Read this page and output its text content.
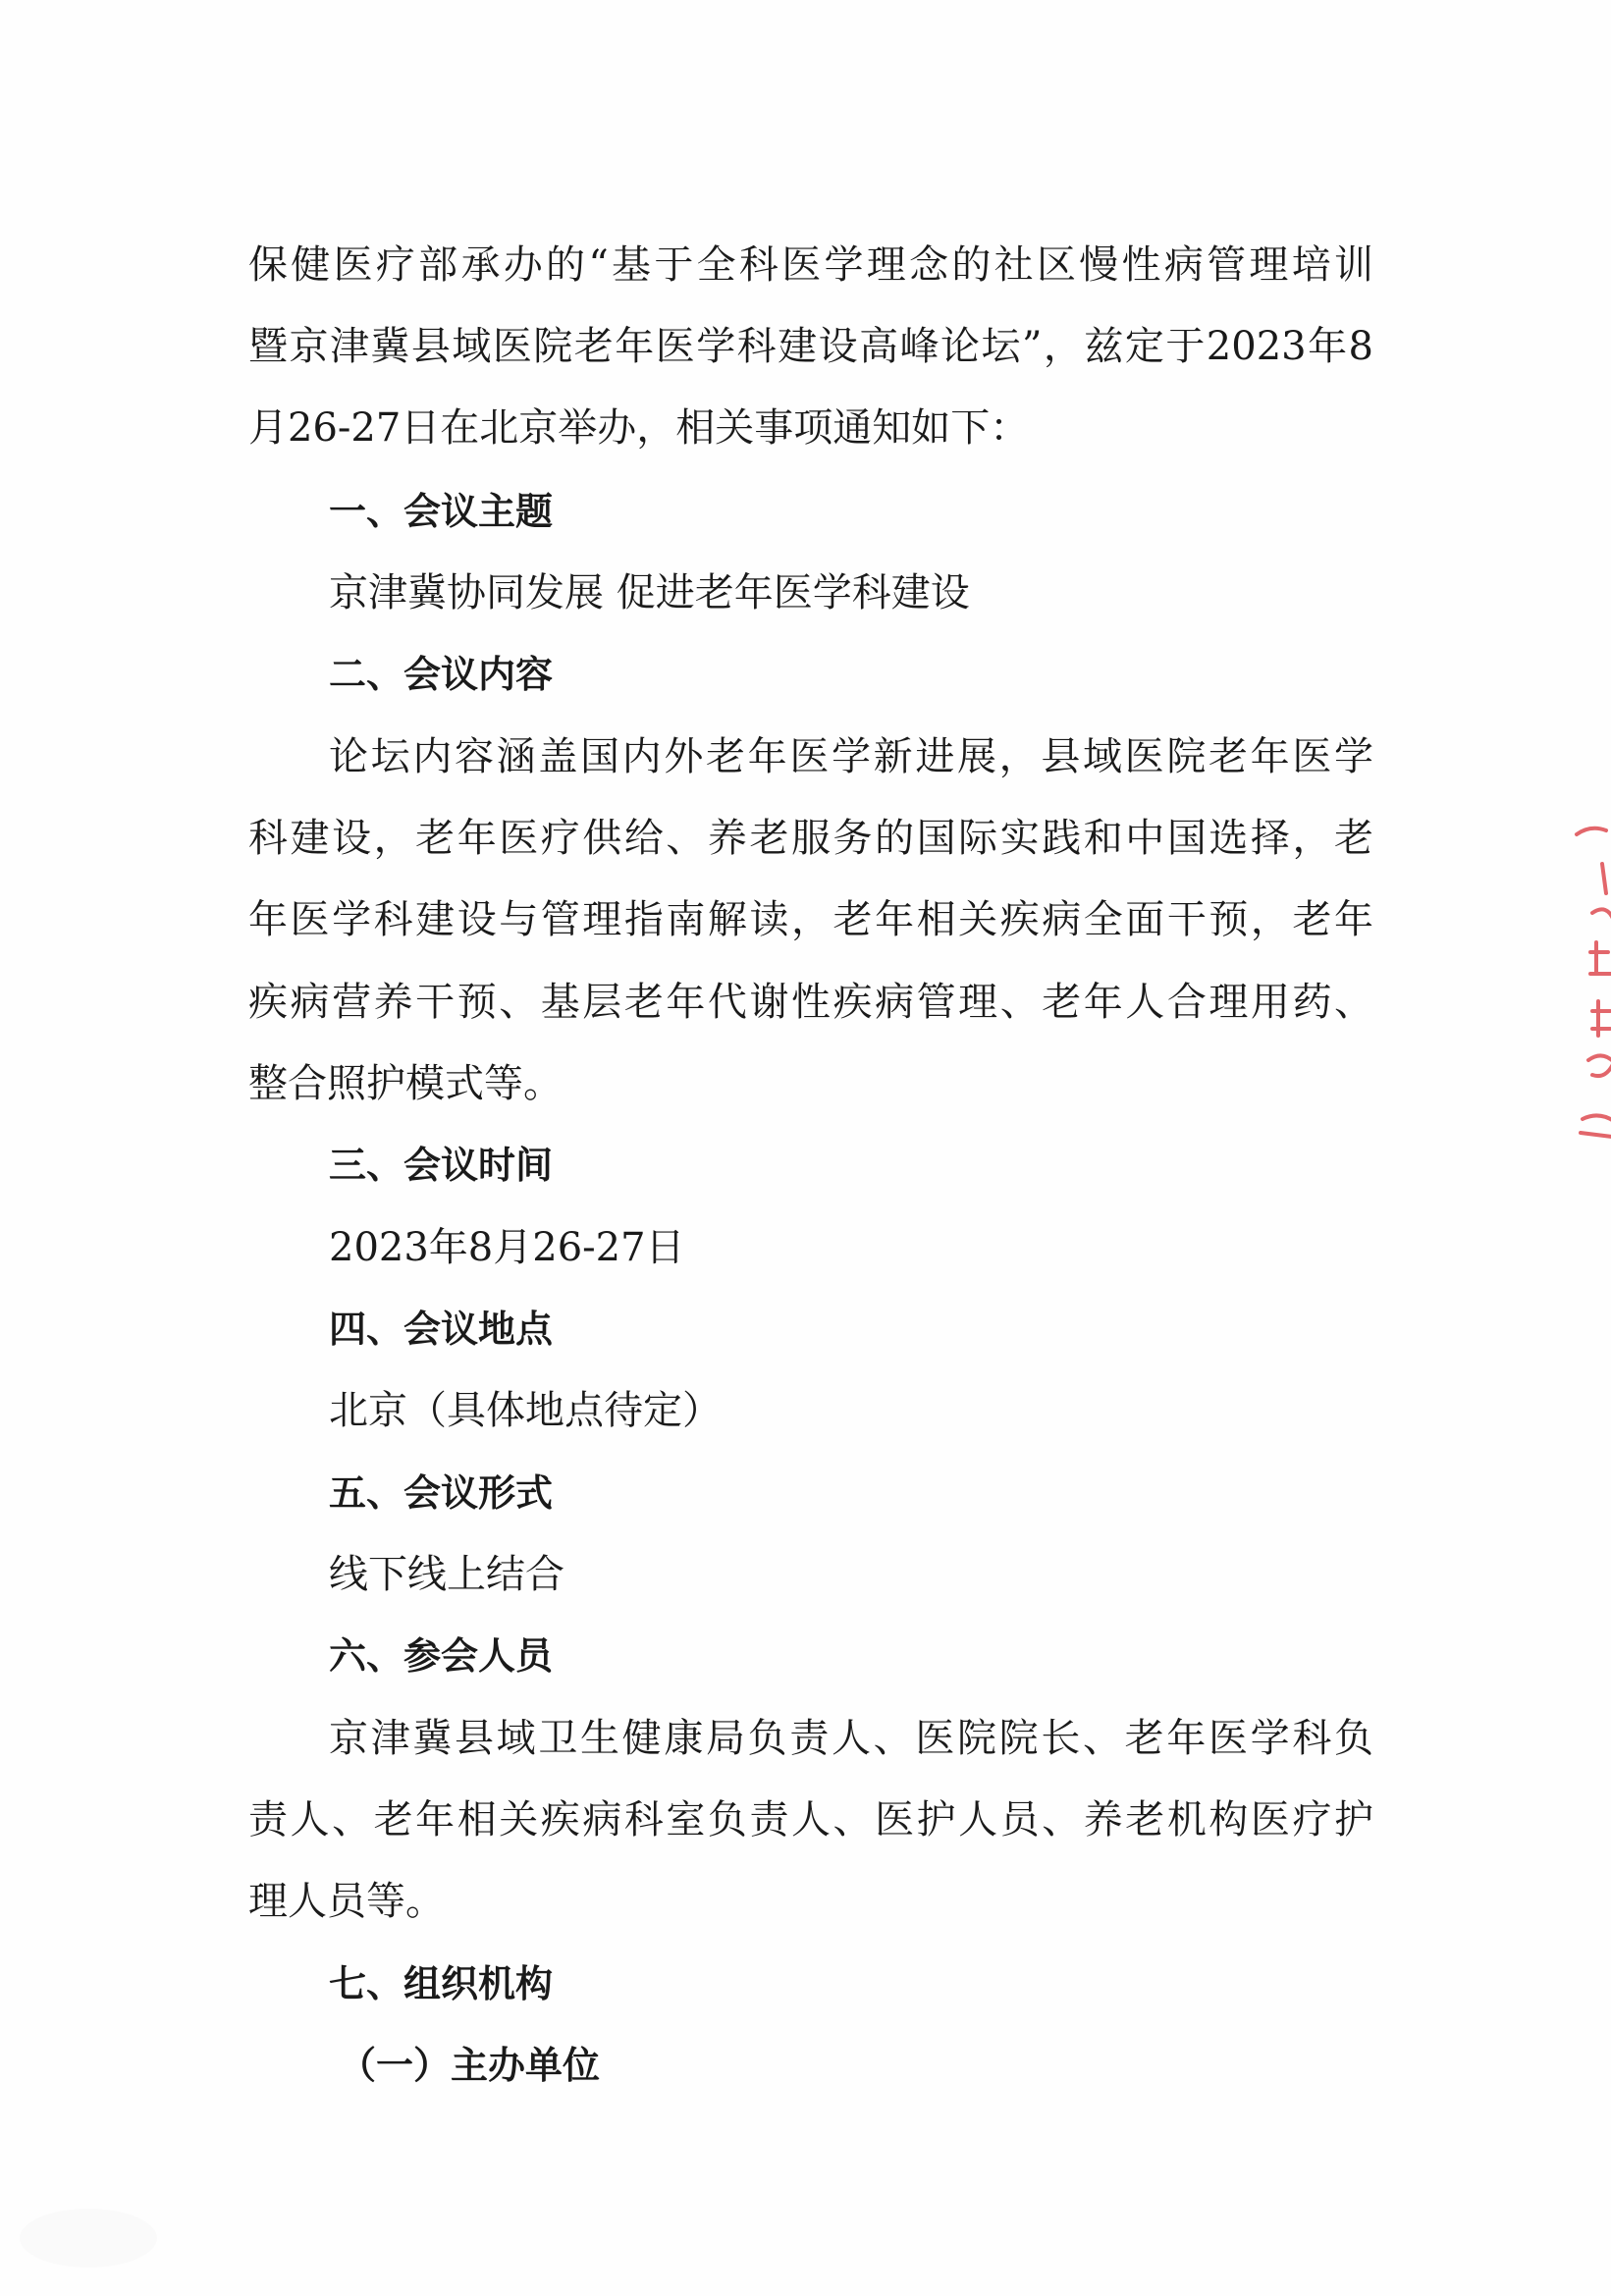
保健医疗部承办的“基于全科医学理念的社区慢性病管理培训
暨京津冀县域医院老年医学科建设高峰论坛”，兹定于2023年8
月26-27日在北京举办，相关事项通知如下：
一、会议主题
京津冀协同发展 促进老年医学科建设
二、会议内容
论坛内容涵盖国内外老年医学新进展，县域医院老年医学
科建设，老年医疗供给、养老服务的国际实践和中国选择，老
年医学科建设与管理指南解读，老年相关疾病全面干预，老年
疾病营养干预、基层老年代谢性疾病管理、老年人合理用药、
整合照护模式等。
三、会议时间
2023年8月26-27日
四、会议地点
北京（具体地点待定）
五、会议形式
线下线上结合
六、参会人员
京津冀县域卫生健康局负责人、医院院长、老年医学科负
责人、老年相关疾病科室负责人、医护人员、养老机构医疗护
理人员等。
七、组织机构
（一）主办单位
